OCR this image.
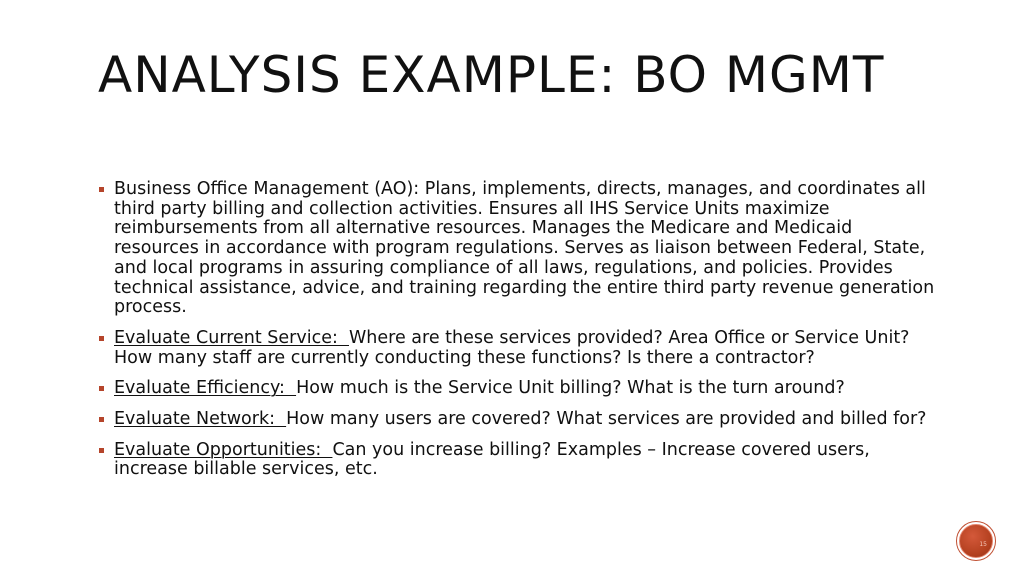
ANALYSIS EXAMPLE: BO MGMT
Business Office Management (AO): Plans, implements, directs, manages, and coordinates all third party billing and collection activities. Ensures all IHS Service Units maximize reimbursements from all alternative resources. Manages the Medicare and Medicaid resources in accordance with program regulations. Serves as liaison between Federal, State, and local programs in assuring compliance of all laws, regulations, and policies. Provides technical assistance, advice, and training regarding the entire third party revenue generation process.
Evaluate Current Service:  Where are these services provided? Area Office or Service Unit? How many staff are currently conducting these functions? Is there a contractor?
Evaluate Efficiency:  How much is the Service Unit billing? What is the turn around?
Evaluate Network:  How many users are covered? What services are provided and billed for?
Evaluate Opportunities:  Can you increase billing? Examples – Increase covered users, increase billable services, etc.
15
